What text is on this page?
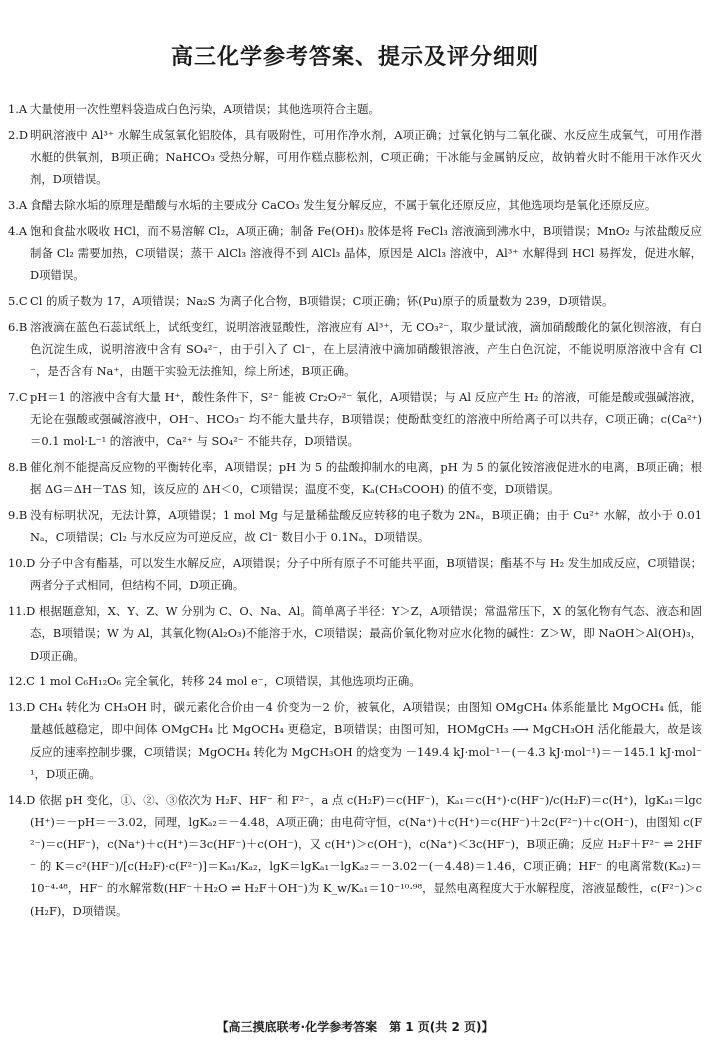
高三化学参考答案、提示及评分细则

1.A 大量使用一次性塑料袋造成白色污染，A项错误；其他选项符合主题。

2.D 明矾溶液中 Al³⁺ 水解生成氢氧化铝胶体，具有吸附性，可用作净水剂，A项正确；过氧化钠与二氧化碳、水反应生成氧气，可用作潜水艇的供氧剂，B项正确；NaHCO₃ 受热分解，可用作糕点膨松剂，C项正确；干冰能与金属钠反应，故钠着火时不能用干冰作灭火剂，D项错误。

3.A 食醋去除水垢的原理是醋酸与水垢的主要成分 CaCO₃ 发生复分解反应，不属于氧化还原反应，其他选项均是氧化还原反应。

4.A 饱和食盐水吸收 HCl，而不易溶解 Cl₂，A项正确；制备 Fe(OH)₃ 胶体是将 FeCl₃ 溶液滴到沸水中，B项错误；MnO₂ 与浓盐酸反应制备 Cl₂ 需要加热，C项错误；蒸干 AlCl₃ 溶液得不到 AlCl₃ 晶体，原因是 AlCl₃ 溶液中，Al³⁺ 水解得到 HCl 易挥发，促进水解，D项错误。

5.C Cl 的质子数为 17，A项错误；Na₂S 为离子化合物，B项错误；C项正确；钚(Pu)原子的质量数为 239，D项错误。

6.B 溶液滴在蓝色石蕊试纸上，试纸变红，说明溶液显酸性，溶液应有 Al³⁺，无 CO₃²⁻，取少量试液，滴加硝酸酸化的氯化钡溶液，有白色沉淀生成，说明溶液中含有 SO₄²⁻，由于引入了 Cl⁻，在上层清液中滴加硝酸银溶液，产生白色沉淀，不能说明原溶液中含有 Cl⁻，是否含有 Na⁺，由题干实验无法推知，综上所述，B项正确。

7.C pH＝1 的溶液中含有大量 H⁺，酸性条件下，S²⁻ 能被 Cr₂O₇²⁻ 氧化，A项错误；与 Al 反应产生 H₂ 的溶液，可能是酸或强碱溶液，无论在强酸或强碱溶液中，OH⁻、HCO₃⁻ 均不能大量共存，B项错误；使酚酞变红的溶液中所给离子可以共存，C项正确；c(Ca²⁺)＝0.1 mol·L⁻¹ 的溶液中，Ca²⁺ 与 SO₄²⁻ 不能共存，D项错误。

8.B 催化剂不能提高反应物的平衡转化率，A项错误；pH 为 5 的盐酸抑制水的电离，pH 为 5 的氯化铵溶液促进水的电离，B项正确；根据 ΔG＝ΔH－TΔS 知，该反应的 ΔH＜0，C项错误；温度不变，Kₐ(CH₃COOH) 的值不变，D项错误。

9.B 没有标明状况，无法计算，A项错误；1 mol Mg 与足量稀盐酸反应转移的电子数为 2Nₐ，B项正确；由于 Cu²⁺ 水解，故小于 0.01Nₐ，C项错误；Cl₂ 与水反应为可逆反应，故 Cl⁻ 数目小于 0.1Nₐ，D项错误。

10.D 分子中含有酯基，可以发生水解反应，A项错误；分子中所有原子不可能共平面，B项错误；酯基不与 H₂ 发生加成反应，C项错误；两者分子式相同，但结构不同，D项正确。

11.D 根据题意知，X、Y、Z、W 分别为 C、O、Na、Al。简单离子半径：Y＞Z，A项错误；常温常压下，X 的氢化物有气态、液态和固态，B项错误；W 为 Al，其氧化物(Al₂O₃)不能溶于水，C项错误；最高价氧化物对应水化物的碱性：Z＞W，即 NaOH＞Al(OH)₃，D项正确。

12.C 1 mol C₆H₁₂O₆ 完全氧化，转移 24 mol e⁻，C项错误，其他选项均正确。

13.D CH₄ 转化为 CH₃OH 时，碳元素化合价由－4 价变为－2 价，被氧化，A项错误；由图知 OMgCH₄ 体系能量比 MgOCH₄ 低，能量越低越稳定，即中间体 OMgCH₄ 比 MgOCH₄ 更稳定，B项错误；由图可知，HOMgCH₃ ⟶ MgCH₃OH 活化能最大，故是该反应的速率控制步骤，C项错误；MgOCH₄ 转化为 MgCH₃OH 的焓变为 －149.4 kJ·mol⁻¹－(－4.3 kJ·mol⁻¹)＝－145.1 kJ·mol⁻¹，D项正确。

14.D 依据 pH 变化，①、②、③依次为 H₂F、HF⁻ 和 F²⁻，a 点 c(H₂F)＝c(HF⁻)，Kₐ₁＝c(H⁺)·c(HF⁻)/c(H₂F)＝c(H⁺)，lgKₐ₁＝lgc(H⁺)＝－pH＝－3.02，同理，lgKₐ₂＝－4.48，A项正确；由电荷守恒，c(Na⁺)＋c(H⁺)＝c(HF⁻)＋2c(F²⁻)＋c(OH⁻)，由图知 c(F²⁻)＝c(HF⁻)，c(Na⁺)＋c(H⁺)＝3c(HF⁻)＋c(OH⁻)，又 c(H⁺)＞c(OH⁻)，c(Na⁺)＜3c(HF⁻)，B项正确；反应 H₂F＋F²⁻ ⇌ 2HF⁻ 的 K＝c²(HF⁻)/[c(H₂F)·c(F²⁻)]＝Kₐ₁/Kₐ₂，lgK＝lgKₐ₁－lgKₐ₂＝－3.02－(－4.48)＝1.46，C项正确；HF⁻ 的电离常数(Kₐ₂)＝10⁻⁴·⁴⁸，HF⁻ 的水解常数(HF⁻＋H₂O ⇌ H₂F＋OH⁻)为 K_w/Kₐ₁＝10⁻¹⁰·⁹⁸，显然电离程度大于水解程度，溶液显酸性，c(F²⁻)＞c(H₂F)，D项错误。

【高三摸底联考·化学参考答案　第 1 页(共 2 页)】
